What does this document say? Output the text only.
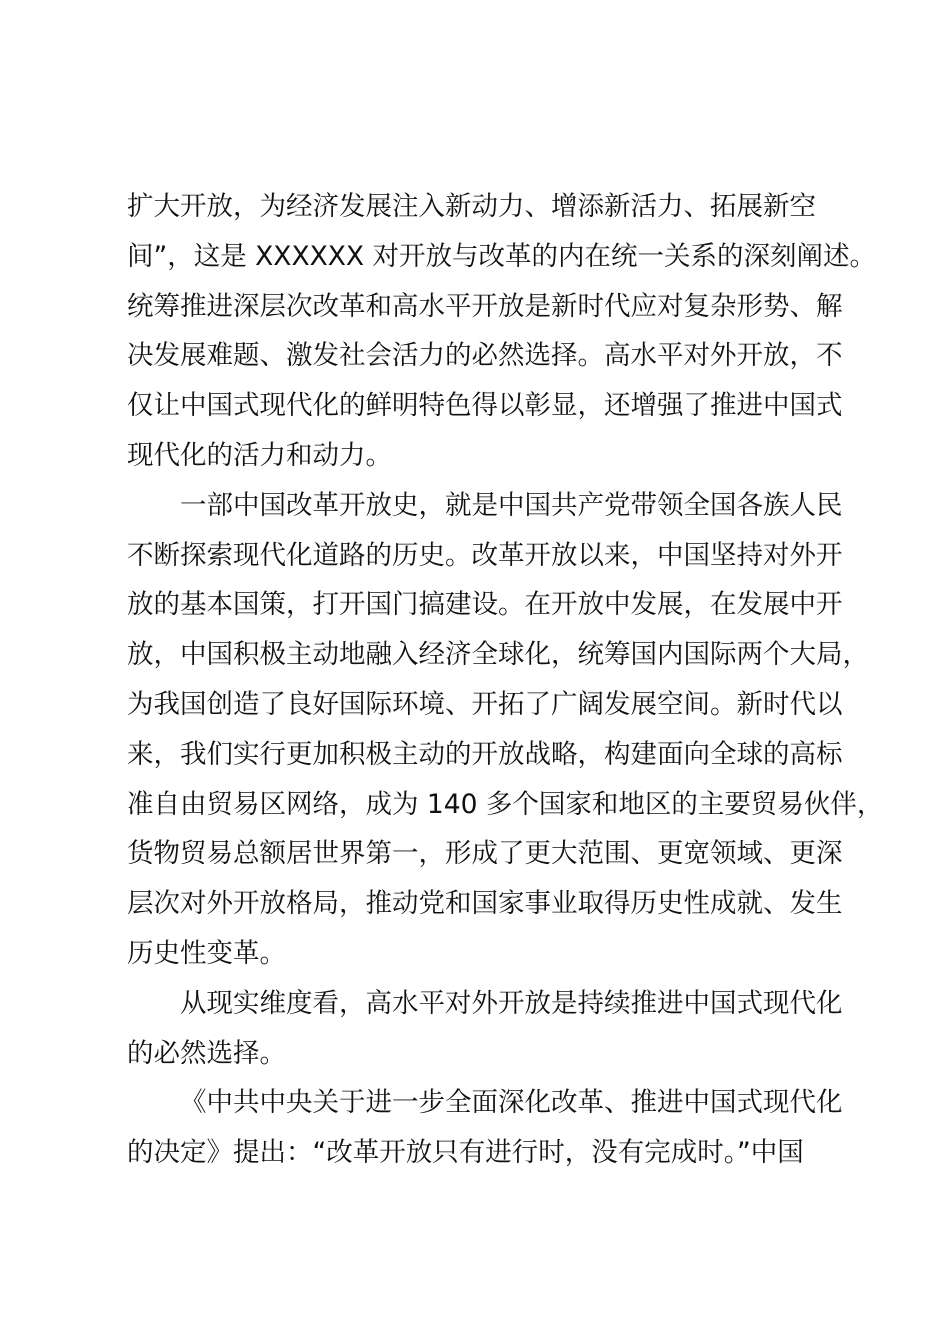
扩大开放，为经济发展注入新动力、增添新活力、拓展新空
间”，这是 XXXXXX 对开放与改革的内在统一关系的深刻阐述。
统筹推进深层次改革和高水平开放是新时代应对复杂形势、解
决发展难题、激发社会活力的必然选择。高水平对外开放，不
仅让中国式现代化的鲜明特色得以彰显，还增强了推进中国式
现代化的活力和动力。
一部中国改革开放史，就是中国共产党带领全国各族人民
不断探索现代化道路的历史。改革开放以来，中国坚持对外开
放的基本国策，打开国门搞建设。在开放中发展，在发展中开
放，中国积极主动地融入经济全球化，统筹国内国际两个大局，
为我国创造了良好国际环境、开拓了广阔发展空间。新时代以
来，我们实行更加积极主动的开放战略，构建面向全球的高标
准自由贸易区网络，成为 140 多个国家和地区的主要贸易伙伴，
货物贸易总额居世界第一，形成了更大范围、更宽领域、更深
层次对外开放格局，推动党和国家事业取得历史性成就、发生
历史性变革。
从现实维度看，高水平对外开放是持续推进中国式现代化
的必然选择。
《中共中央关于进一步全面深化改革、推进中国式现代化
的决定》提出：“改革开放只有进行时，没有完成时。”中国
